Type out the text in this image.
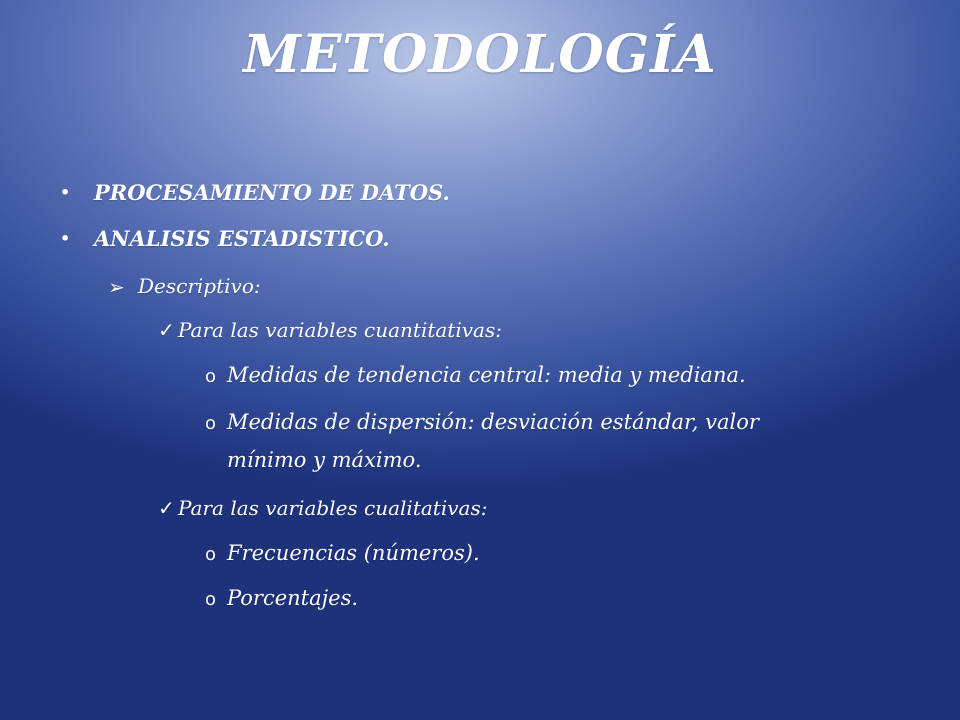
METODOLOGÍA
• PROCESAMIENTO DE DATOS.
• ANALISIS ESTADISTICO.
➢ Descriptivo:
✓ Para las variables cuantitativas:
o Medidas de tendencia central: media y mediana.
o Medidas de dispersión: desviación estándar, valor
mínimo y máximo.
✓ Para las variables cualitativas:
o Frecuencias (números).
o Porcentajes.
